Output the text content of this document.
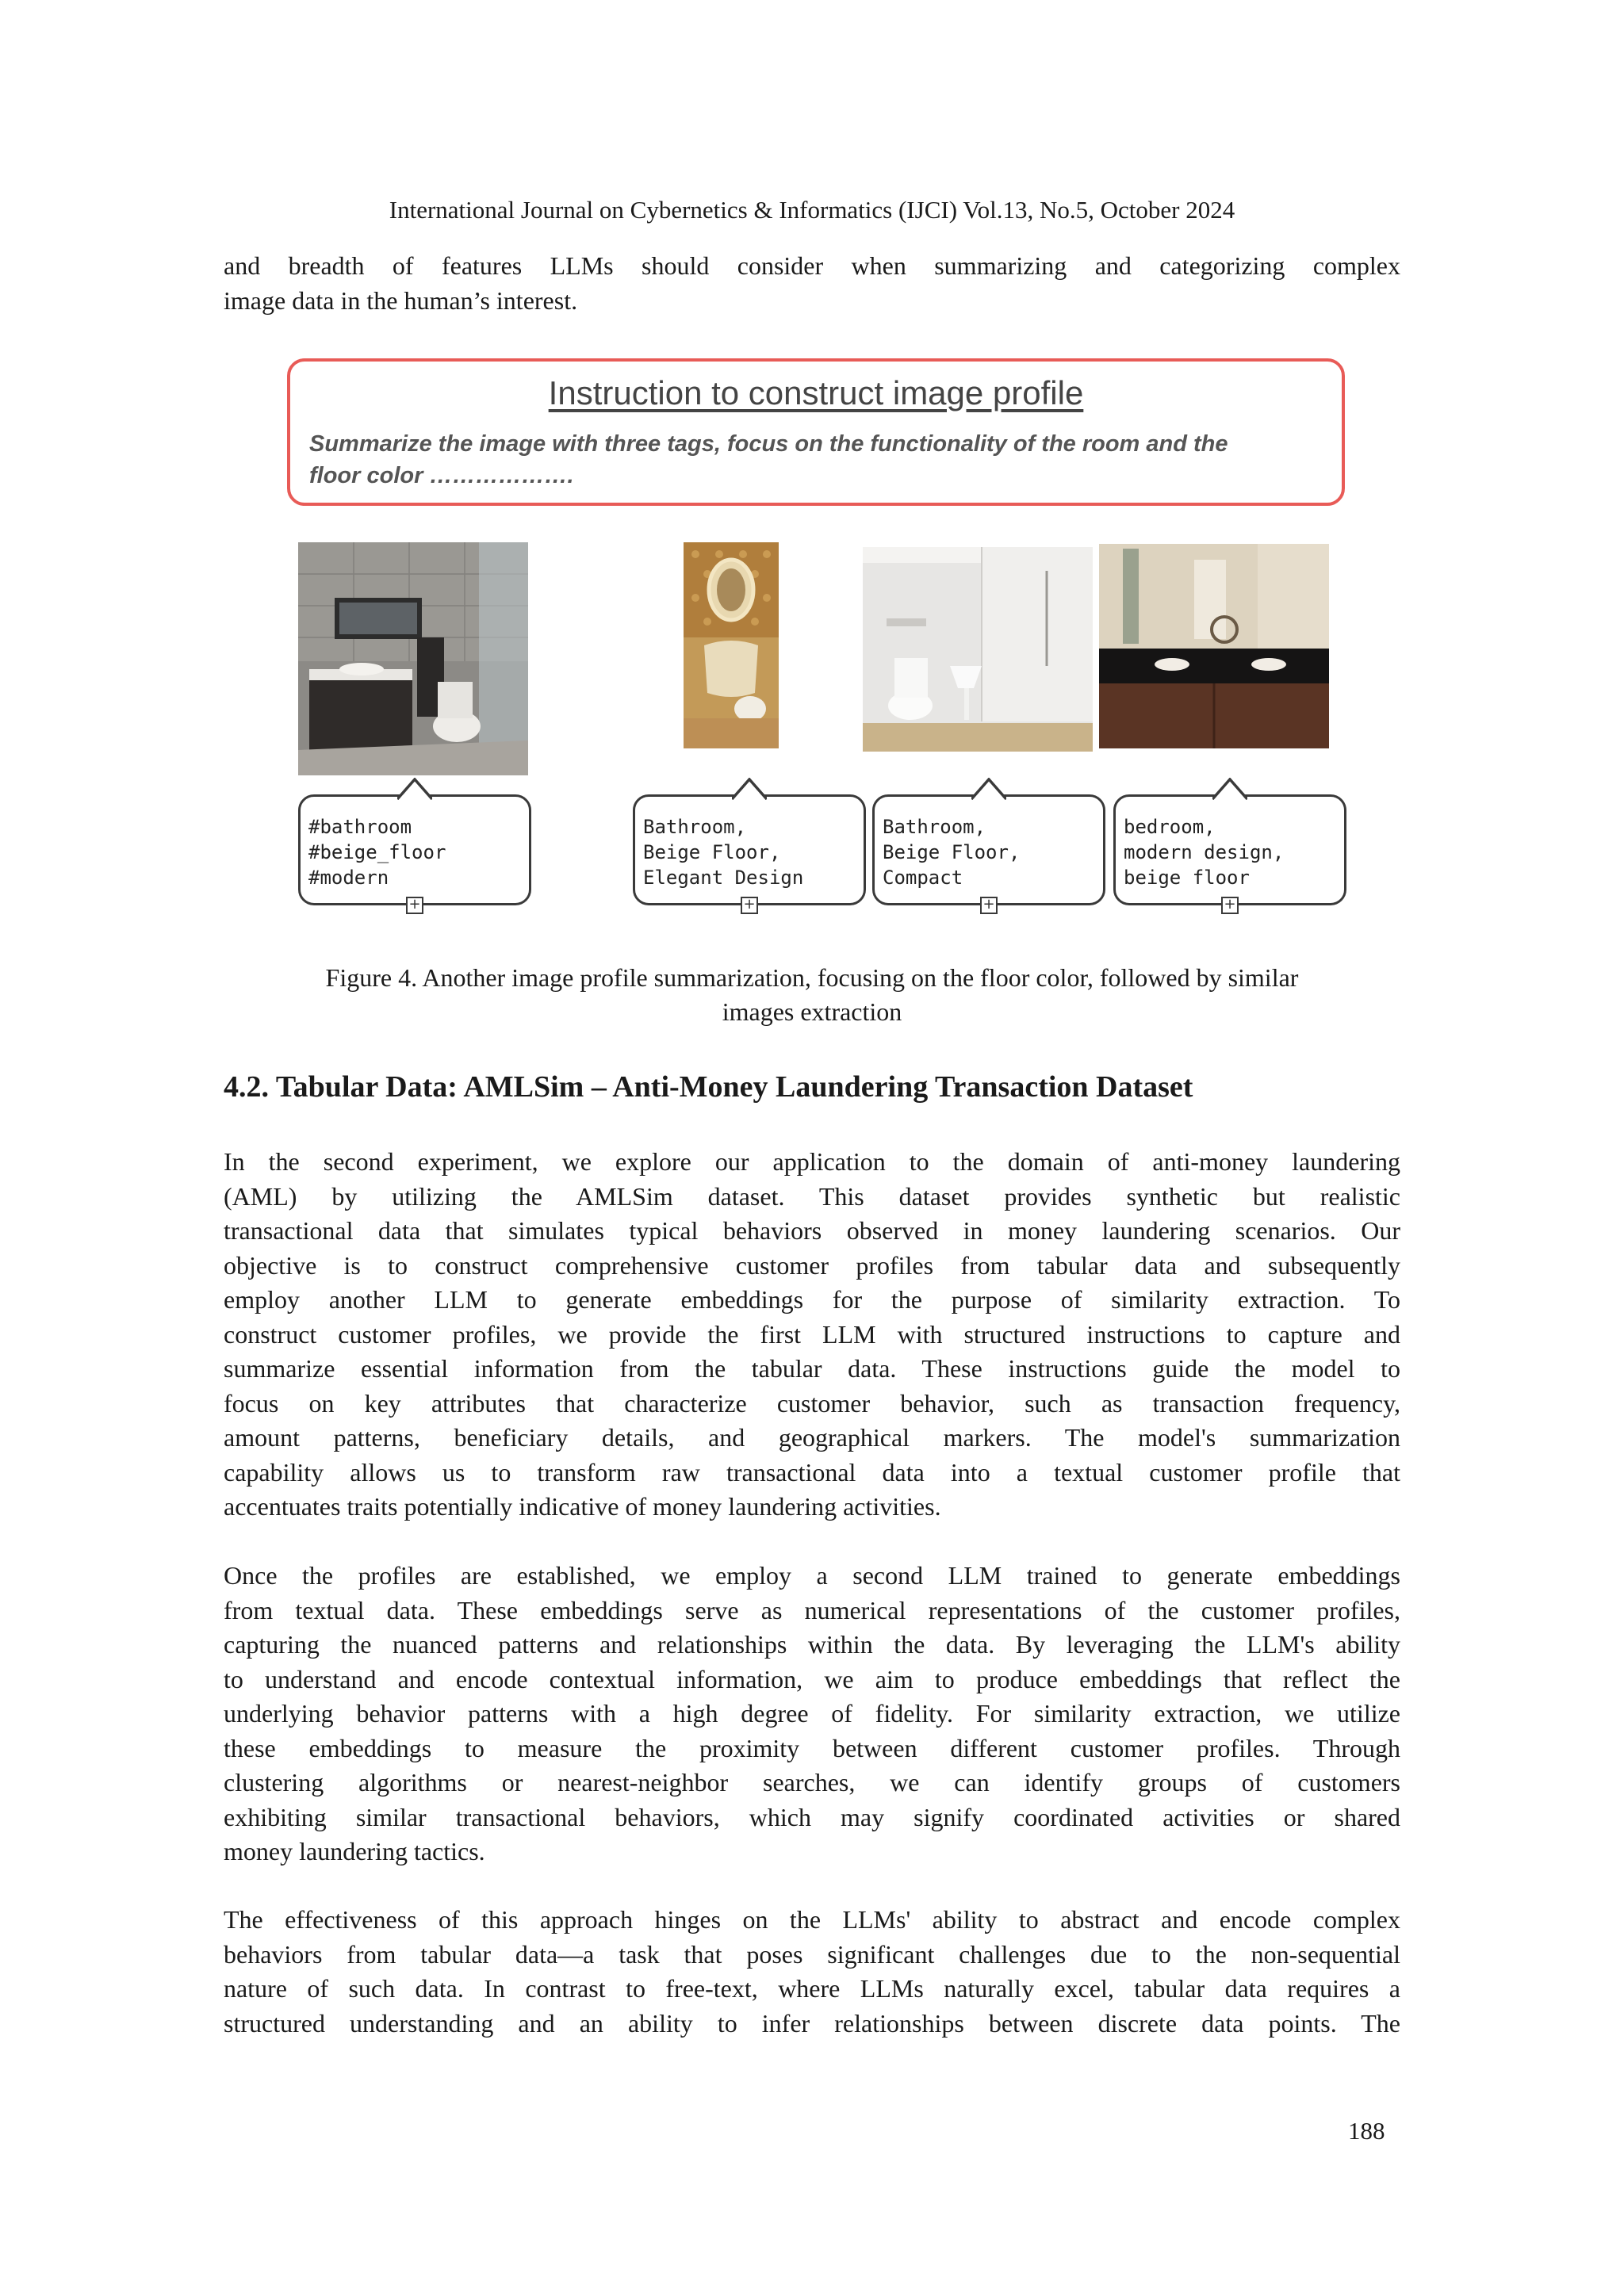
International Journal on Cybernetics & Informatics (IJCI) Vol.13, No.5, October 2024

and breadth of features LLMs should consider when summarizing and categorizing complex
image data in the human’s interest.

Instruction to construct image profile
Summarize the image with three tags, focus on the functionality of the room and the
floor color ……………….
#bathroom
#beige_floor
#modern
+
Bathroom,
Beige Floor,
Elegant Design
+
Bathroom,
Beige Floor,
Compact
+
bedroom,
modern design,
beige floor
+
Figure 4. Another image profile summarization, focusing on the floor color, followed by similar
images extraction
4.2. Tabular Data: AMLSim – Anti-Money Laundering Transaction Dataset

In the second experiment, we explore our application to the domain of anti-money laundering
(AML) by utilizing the AMLSim dataset. This dataset provides synthetic but realistic
transactional data that simulates typical behaviors observed in money laundering scenarios. Our
objective is to construct comprehensive customer profiles from tabular data and subsequently
employ another LLM to generate embeddings for the purpose of similarity extraction. To
construct customer profiles, we provide the first LLM with structured instructions to capture and
summarize essential information from the tabular data. These instructions guide the model to
focus on key attributes that characterize customer behavior, such as transaction frequency,
amount patterns, beneficiary details, and geographical markers. The model's summarization
capability allows us to transform raw transactional data into a textual customer profile that
accentuates traits potentially indicative of money laundering activities.

Once the profiles are established, we employ a second LLM trained to generate embeddings
from textual data. These embeddings serve as numerical representations of the customer profiles,
capturing the nuanced patterns and relationships within the data. By leveraging the LLM's ability
to understand and encode contextual information, we aim to produce embeddings that reflect the
underlying behavior patterns with a high degree of fidelity. For similarity extraction, we utilize
these embeddings to measure the proximity between different customer profiles. Through
clustering algorithms or nearest-neighbor searches, we can identify groups of customers
exhibiting similar transactional behaviors, which may signify coordinated activities or shared
money laundering tactics.

The effectiveness of this approach hinges on the LLMs' ability to abstract and encode complex
behaviors from tabular data—a task that poses significant challenges due to the non-sequential
nature of such data. In contrast to free-text, where LLMs naturally excel, tabular data requires a
structured understanding and an ability to infer relationships between discrete data points. The

188
